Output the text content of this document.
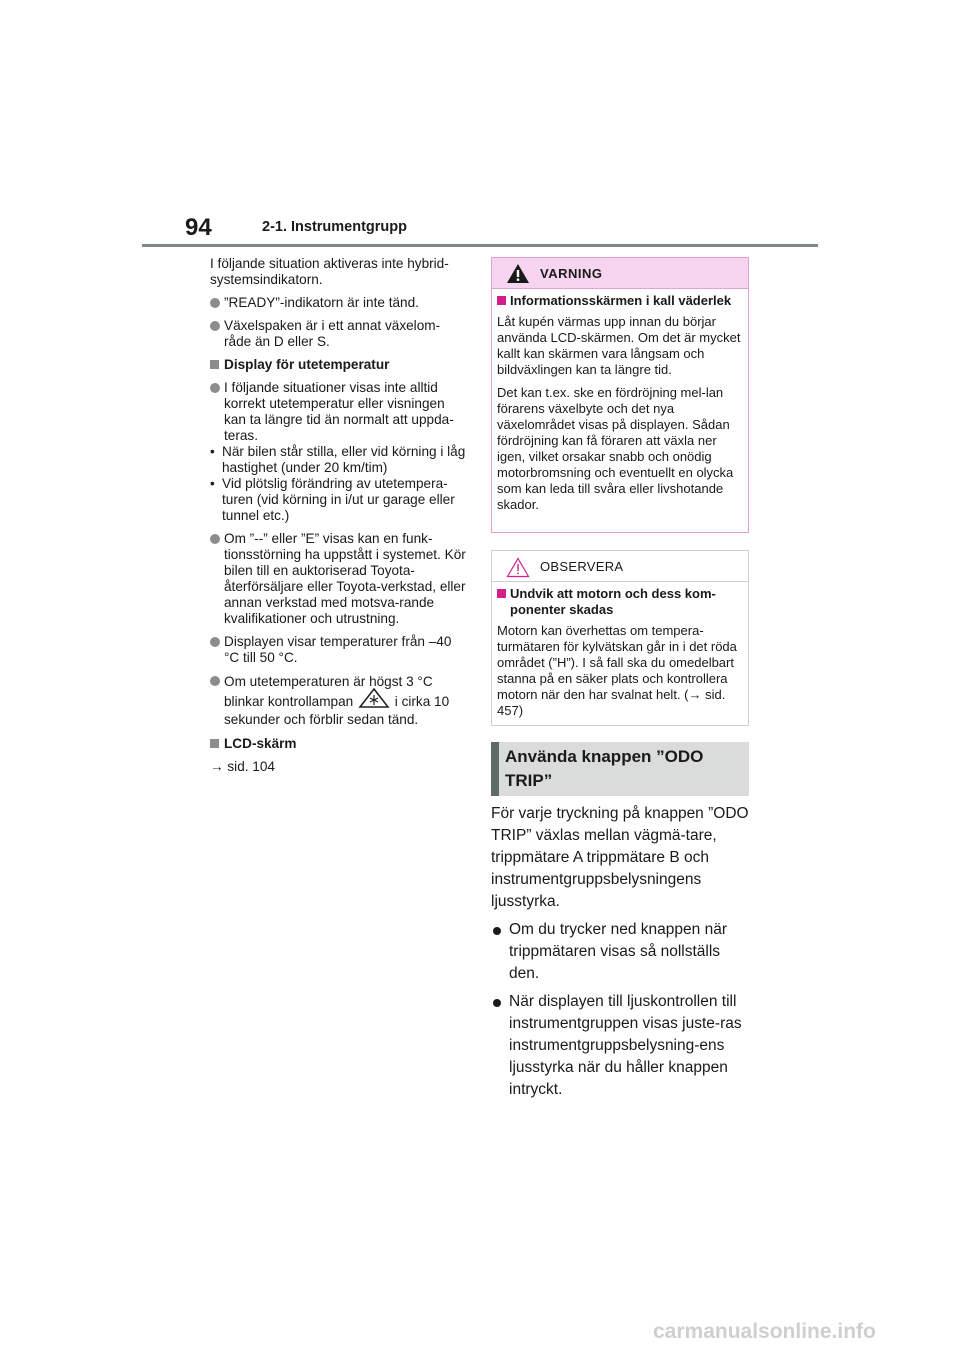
94	2-1. Instrumentgrupp

I följande situation aktiveras inte hybrid-systemsindikatorn.

”READY”-indikatorn är inte tänd.
Växelspaken är i ett annat växelom-råde än D eller S.
Display för utetemperatur
I följande situationer visas inte alltid korrekt utetemperatur eller visningen kan ta längre tid än normalt att uppda-teras.
• När bilen står stilla, eller vid körning i låg hastighet (under 20 km/tim)
• Vid plötslig förändring av utetempera-turen (vid körning in i/ut ur garage eller tunnel etc.)
Om ”--” eller ”E” visas kan en funk-tionsstörning ha uppstått i systemet. Kör bilen till en auktoriserad Toyota-återförsäljare eller Toyota-verkstad, eller annan verkstad med motsva-rande kvalifikationer och utrustning.
Displayen visar temperaturer från –40 °C till 50 °C.
Om utetemperaturen är högst 3 °C blinkar kontrollampan	i cirka 10 sekunder och förblir sedan tänd.
LCD-skärm

→ sid. 104

VARNING
Informationsskärmen i kall väderlek

Låt kupén värmas upp innan du börjar använda LCD-skärmen. Om det är mycket kallt kan skärmen vara långsam och bildväxlingen kan ta längre tid.

Det kan t.ex. ske en fördröjning mel-lan förarens växelbyte och det nya växelområdet visas på displayen. Sådan fördröjning kan få föraren att växla ner igen, vilket orsakar snabb och onödig motorbromsning och eventuellt en olycka som kan leda till svåra eller livshotande skador.

OBSERVERA
Undvik att motorn och dess kom-ponenter skadas

Motorn kan överhettas om tempera-turmätaren för kylvätskan går in i det röda området (”H”). I så fall ska du omedelbart stanna på en säker plats och kontrollera motorn när den har svalnat helt. (→ sid. 457)

Använda knappen ”ODO TRIP”

För varje tryckning på knappen ”ODO TRIP” växlas mellan vägmä-tare, trippmätare A trippmätare B och instrumentgruppsbelysningens ljusstyrka.

Om du trycker ned knappen när trippmätaren visas så nollställs den.
När displayen till ljuskontrollen till instrumentgruppen visas juste-ras instrumentgruppsbelysning-ens ljusstyrka när du håller knappen intryckt.
carmanualsonline.info
